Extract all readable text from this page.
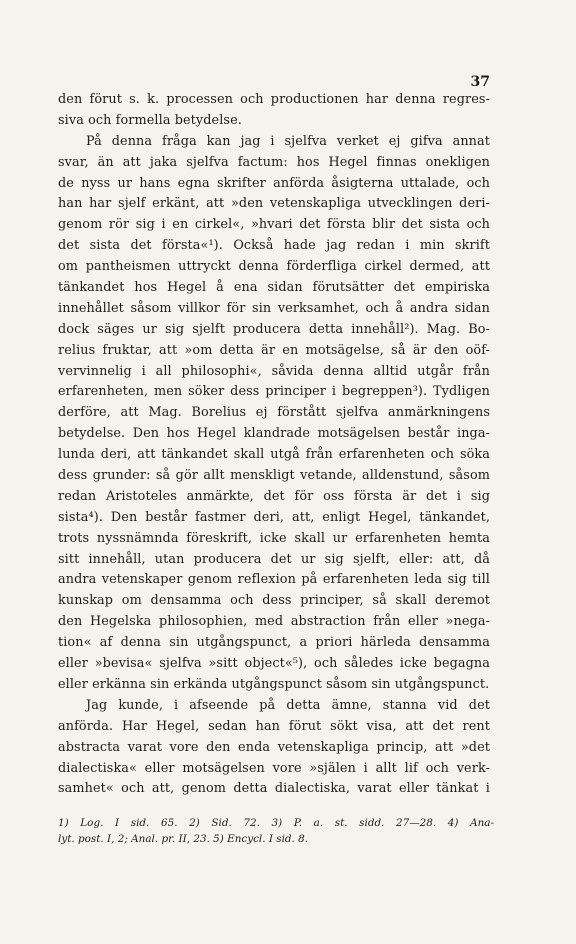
37

den förut s. k. processen och productionen har denna regres-
siva och formella betydelse.

På denna fråga kan jag i sjelfva verket ej gifva annat
svar, än att jaka sjelfva factum: hos Hegel finnas onekligen
de nyss ur hans egna skrifter anförda åsigterna uttalade, och
han har sjelf erkänt, att »den vetenskapliga utvecklingen deri-
genom rör sig i en cirkel«, »hvari det första blir det sista och
det sista det första«¹). Också hade jag redan i min skrift
om pantheismen uttryckt denna förderfliga cirkel dermed, att
tänkandet hos Hegel å ena sidan förutsätter det empiriska
innehållet såsom villkor för sin verksamhet, och å andra sidan
dock säges ur sig sjelft producera detta innehåll²). Mag. Bo-
relius fruktar, att »om detta är en motsägelse, så är den oöf-
vervinnelig i all philosophi«, såvida denna alltid utgår från
erfarenheten, men söker dess principer i begreppen³). Tydligen
derföre, att Mag. Borelius ej förstått sjelfva anmärkningens
betydelse. Den hos Hegel klandrade motsägelsen består inga-
lunda deri, att tänkandet skall utgå från erfarenheten och söka
dess grunder: så gör allt menskligt vetande, alldenstund, såsom
redan Aristoteles anmärkte, det för oss första är det i sig
sista⁴). Den består fastmer deri, att, enligt Hegel, tänkandet,
trots nyssnämnda föreskrift, icke skall ur erfarenheten hemta
sitt innehåll, utan producera det ur sig sjelft, eller: att, då
andra vetenskaper genom reflexion på erfarenheten leda sig till
kunskap om densamma och dess principer, så skall deremot
den Hegelska philosophien, med abstraction från eller »nega-
tion« af denna sin utgångspunct, a priori härleda densamma
eller »bevisa« sjelfva »sitt object«⁵), och således icke begagna
eller erkänna sin erkända utgångspunct såsom sin utgångspunct.

Jag kunde, i afseende på detta ämne, stanna vid det
anförda. Har Hegel, sedan han förut sökt visa, att det rent
abstracta varat vore den enda vetenskapliga princip, att »det
dialectiska« eller motsägelsen vore »själen i allt lif och verk-
samhet« och att, genom detta dialectiska, varat eller tänkat i

1) Log. I sid. 65. 2) Sid. 72. 3) P. a. st. sidd. 27—28. 4) Ana-
lyt. post. I, 2; Anal. pr. II, 23. 5) Encycl. I sid. 8.
